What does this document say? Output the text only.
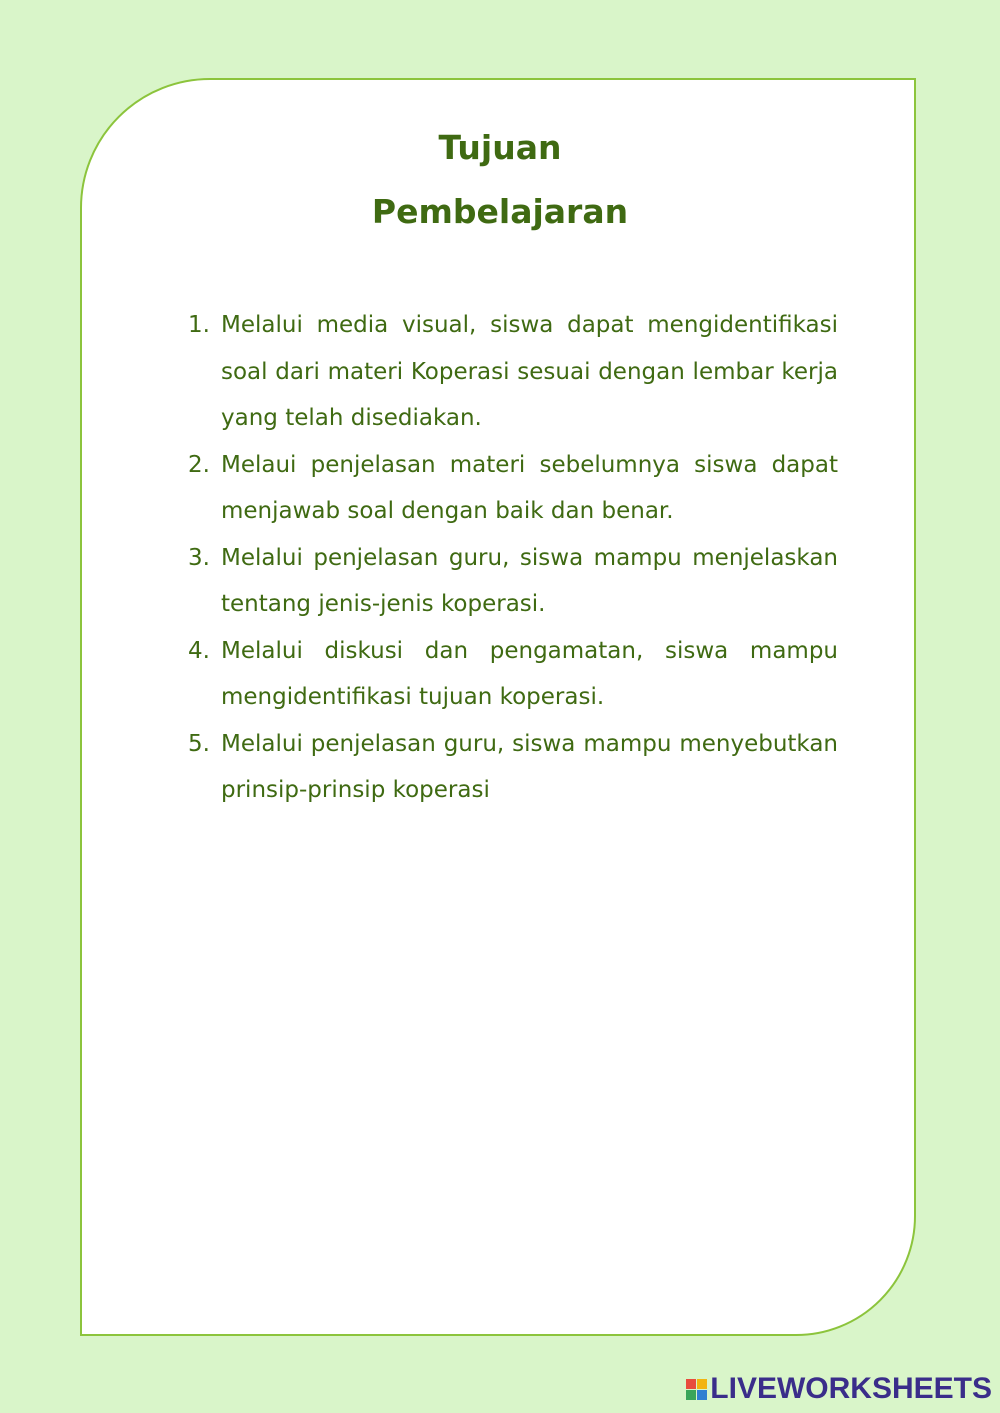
Tujuan
Pembelajaran
1. Melalui media visual, siswa dapat mengidentifikasi soal dari materi Koperasi sesuai dengan lembar kerja yang telah disediakan.
2. Melaui penjelasan materi sebelumnya siswa dapat menjawab soal dengan baik dan benar.
3. Melalui penjelasan guru, siswa mampu menjelaskan tentang jenis-jenis koperasi.
4. Melalui diskusi dan pengamatan, siswa mampu mengidentifikasi tujuan koperasi.
5. Melalui penjelasan guru, siswa mampu menyebutkan prinsip-prinsip koperasi
LIVEWORKSHEETS
